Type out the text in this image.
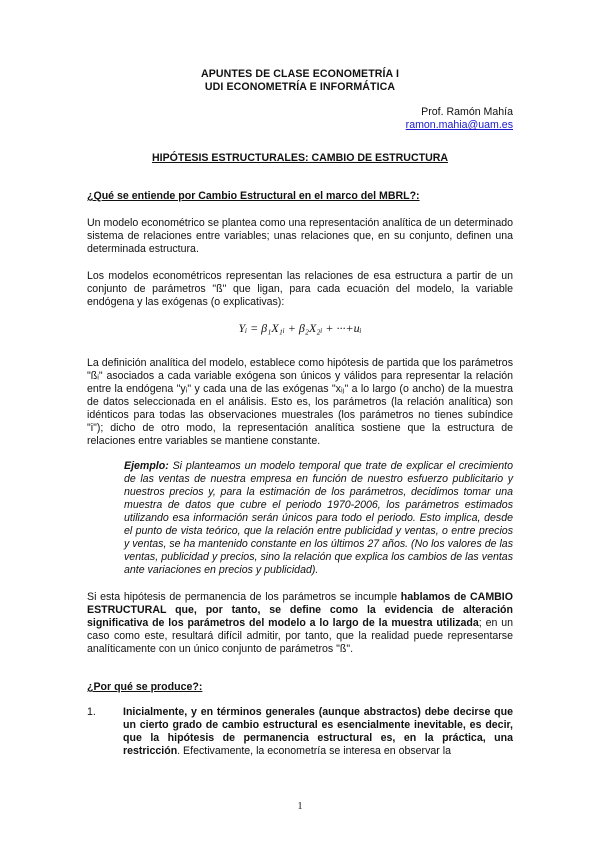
APUNTES DE CLASE ECONOMETRÍA I
UDI ECONOMETRÍA E INFORMÁTICA
Prof. Ramón Mahía
ramon.mahia@uam.es
HIPÓTESIS ESTRUCTURALES: CAMBIO DE ESTRUCTURA
¿Qué se entiende por Cambio Estructural en el marco del MBRL?:

Un modelo econométrico se plantea como una representación analítica de un determinado sistema de relaciones entre variables; unas relaciones que, en su conjunto, definen una determinada estructura.

Los modelos econométricos representan las relaciones de esa estructura a partir de un conjunto de parámetros "ß" que ligan, para cada ecuación del modelo, la variable endógena y las exógenas (o explicativas):

Yᵢ = β₁X₁ᵢ + β₂X₂ᵢ + ···+uᵢ

La definición analítica del modelo, establece como hipótesis de partida que los parámetros "ßᵢ" asociados a cada variable exógena son únicos y válidos para representar la relación entre la endógena "yᵢ" y cada una de las exógenas "xᵢⱼ" a lo largo (o ancho) de la muestra de datos seleccionada en el análisis. Esto es, los parámetros (la relación analítica) son idénticos para todas las observaciones muestrales (los parámetros no tienes subíndice "i"); dicho de otro modo, la representación analítica sostiene que la estructura de relaciones entre variables se mantiene constante.

Ejemplo: Si planteamos un modelo temporal que trate de explicar el crecimiento de las ventas de nuestra empresa en función de nuestro esfuerzo publicitario y nuestros precios y, para la estimación de los parámetros, decidimos tomar una muestra de datos que cubre el periodo 1970-2006, los parámetros estimados utilizando esa información serán únicos para todo el periodo. Esto implica, desde el punto de vista teórico, que la relación entre publicidad y ventas, o entre precios y ventas, se ha mantenido constante en los últimos 27 años. (No los valores de las ventas, publicidad y precios, sino la relación que explica los cambios de las ventas ante variaciones en precios y publicidad).

Si esta hipótesis de permanencia de los parámetros se incumple hablamos de CAMBIO ESTRUCTURAL que, por tanto, se define como la evidencia de alteración significativa de los parámetros del modelo a lo largo de la muestra utilizada; en un caso como este, resultará difícil admitir, por tanto, que la realidad puede representarse analíticamente con un único conjunto de parámetros "ß".

¿Por qué se produce?:
1.	Inicialmente, y en términos generales (aunque abstractos) debe decirse que un cierto grado de cambio estructural es esencialmente inevitable, es decir, que la hipótesis de permanencia estructural es, en la práctica, una restricción. Efectivamente, la econometría se interesa en observar la

1
